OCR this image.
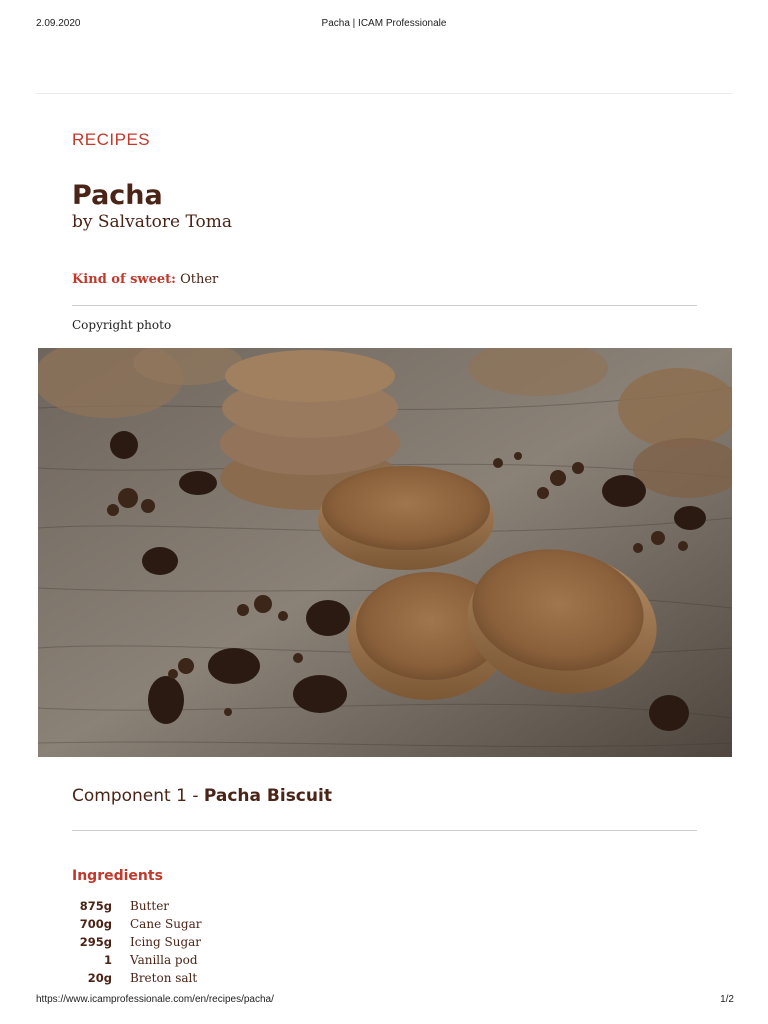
2.09.2020	Pacha | ICAM Professionale
RECIPES
Pacha
by Salvatore Toma
Kind of sweet: Other
Copyright photo
Component 1 - Pacha Biscuit
Ingredients
875g Butter
700g Cane Sugar
295g Icing Sugar
1 Vanilla pod
20g Breton salt
https://www.icamprofessionale.com/en/recipes/pacha/	1/2
